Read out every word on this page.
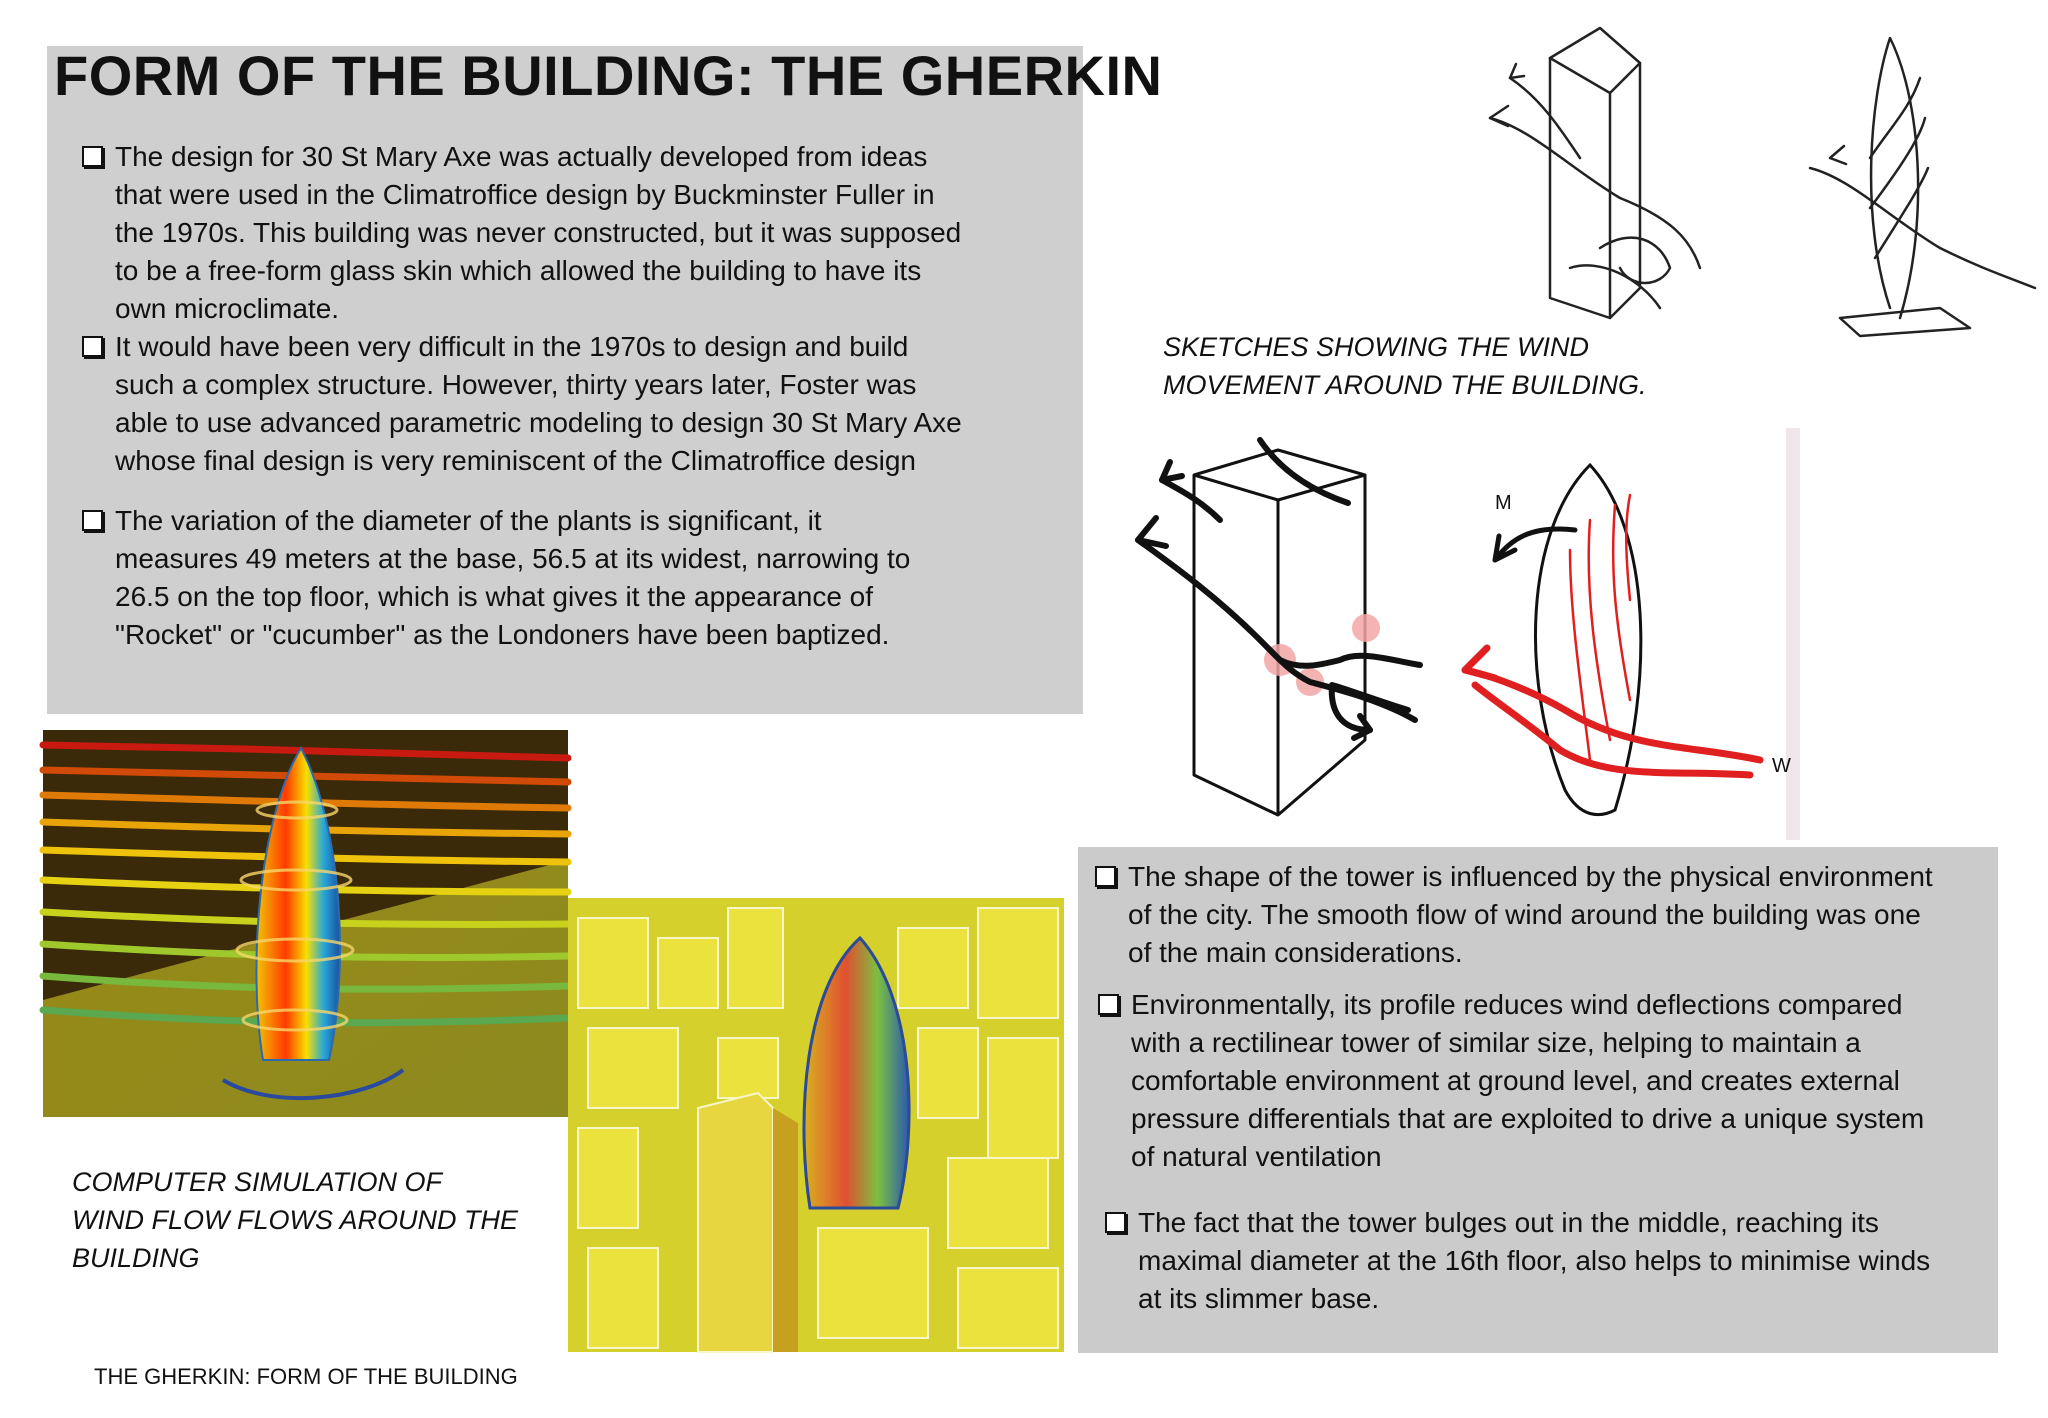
FORM OF THE BUILDING: THE GHERKIN
The design for 30 St Mary Axe was actually developed from ideas
that were used in the Climatroffice design by Buckminster Fuller in
the 1970s. This building was never constructed, but it was supposed
to be a free-form glass skin which allowed the building to have its
own microclimate.
It would have been very difficult in the 1970s to design and build
such a complex structure. However, thirty years later, Foster was
able to use advanced parametric modeling to design 30 St Mary Axe
whose final design is very reminiscent of the Climatroffice design
The variation of the diameter of the plants is significant, it
measures 49 meters at the base, 56.5 at its widest, narrowing to
26.5 on the top floor, which is what gives it the appearance of
"Rocket" or "cucumber" as the Londoners have been baptized.
SKETCHES SHOWING THE WIND
MOVEMENT AROUND THE BUILDING.
M
W
COMPUTER SIMULATION OF
WIND FLOW FLOWS AROUND THE
BUILDING
The shape of the tower is influenced by the physical environment
of the city. The smooth flow of wind around the building was one
of the main considerations.
Environmentally, its profile reduces wind deflections compared
with a rectilinear tower of similar size, helping to maintain a
comfortable environment at ground level, and creates external
pressure differentials that are exploited to drive a unique system
of natural ventilation
The fact that the tower bulges out in the middle, reaching its
maximal diameter at the 16th floor, also helps to minimise winds
at its slimmer base.
THE GHERKIN: FORM OF THE BUILDING
